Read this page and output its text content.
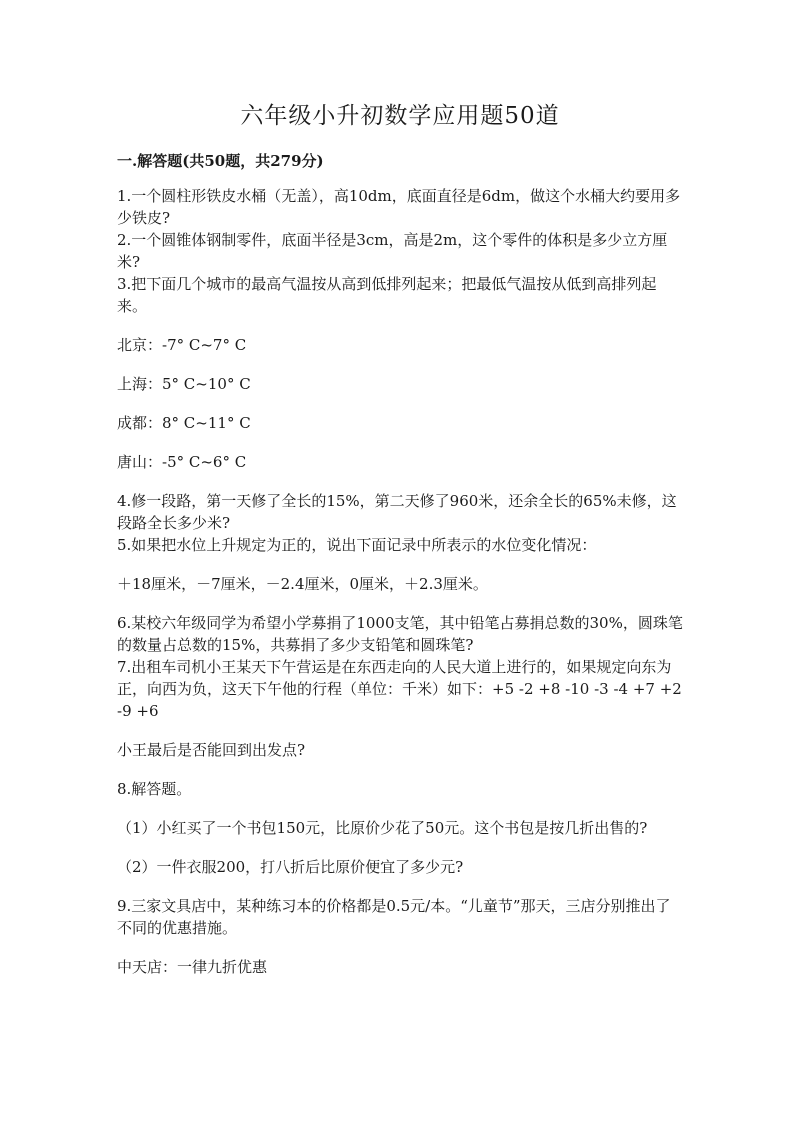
六年级小升初数学应用题50道
一.解答题(共50题，共279分)

1.一个圆柱形铁皮水桶（无盖），高10dm，底面直径是6dm，做这个水桶大约要用多少铁皮?

2.一个圆锥体钢制零件，底面半径是3cm，高是2m，这个零件的体积是多少立方厘米?

3.把下面几个城市的最高气温按从高到低排列起来；把最低气温按从低到高排列起来。

北京：-7° C~7° C

上海：5° C~10° C

成都：8° C~11° C

唐山：-5° C~6° C

4.修一段路，第一天修了全长的15%，第二天修了960米，还余全长的65%未修，这段路全长多少米?

5.如果把水位上升规定为正的，说出下面记录中所表示的水位变化情况：

＋18厘米，－7厘米，－2.4厘米，0厘米，＋2.3厘米。

6.某校六年级同学为希望小学募捐了1000支笔，其中铅笔占募捐总数的30%，圆珠笔的数量占总数的15%，共募捐了多少支铅笔和圆珠笔?

7.出租车司机小王某天下午营运是在东西走向的人民大道上进行的，如果规定向东为正，向西为负，这天下午他的行程（单位：千米）如下：+5 -2 +8 -10 -3 -4 +7 +2 -9 +6

小王最后是否能回到出发点?

8.解答题。

（1）小红买了一个书包150元，比原价少花了50元。这个书包是按几折出售的?

（2）一件衣服200，打八折后比原价便宜了多少元?

9.三家文具店中，某种练习本的价格都是0.5元/本。“儿童节”那天，三店分别推出了不同的优惠措施。

中天店：一律九折优惠
